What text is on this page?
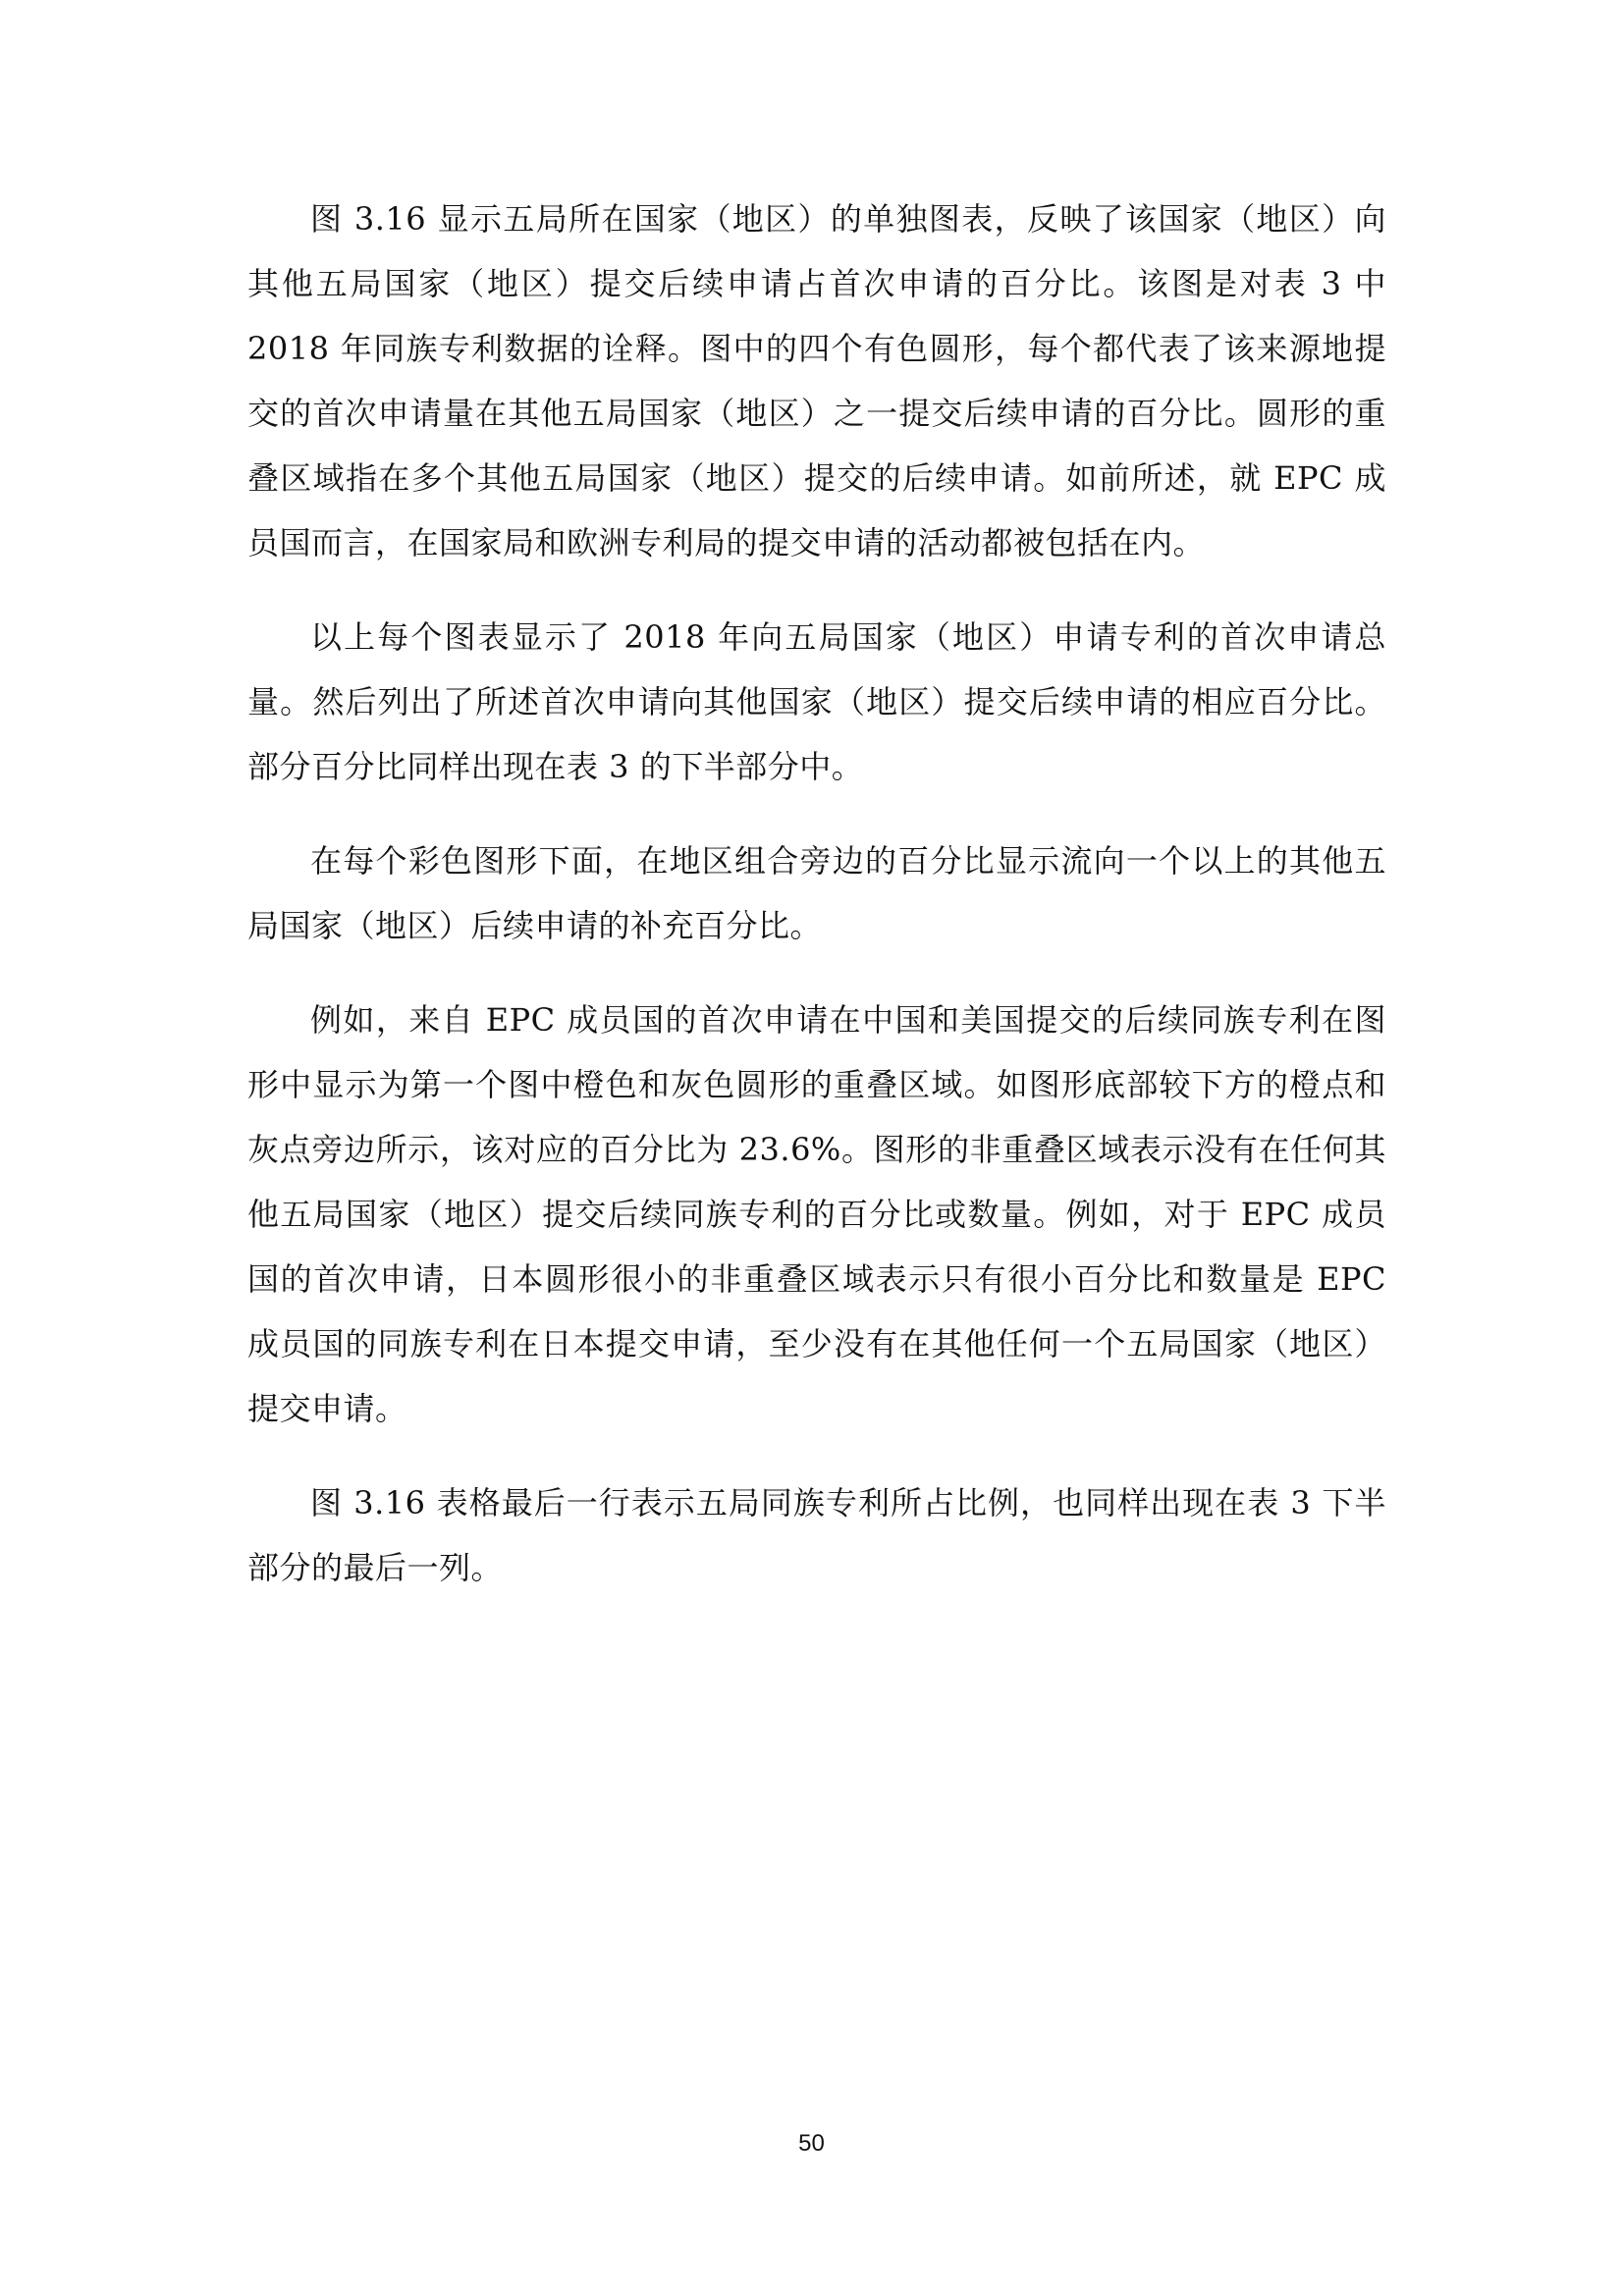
图 3.16 显示五局所在国家（地区）的单独图表，反映了该国家（地区）向其他五局国家（地区）提交后续申请占首次申请的百分比。该图是对表 3 中 2018 年同族专利数据的诠释。图中的四个有色圆形，每个都代表了该来源地提交的首次申请量在其他五局国家（地区）之一提交后续申请的百分比。圆形的重叠区域指在多个其他五局国家（地区）提交的后续申请。如前所述，就 EPC 成员国而言，在国家局和欧洲专利局的提交申请的活动都被包括在内。

以上每个图表显示了 2018 年向五局国家（地区）申请专利的首次申请总量。然后列出了所述首次申请向其他国家（地区）提交后续申请的相应百分比。部分百分比同样出现在表 3 的下半部分中。

在每个彩色图形下面，在地区组合旁边的百分比显示流向一个以上的其他五局国家（地区）后续申请的补充百分比。

例如，来自 EPC 成员国的首次申请在中国和美国提交的后续同族专利在图形中显示为第一个图中橙色和灰色圆形的重叠区域。如图形底部较下方的橙点和灰点旁边所示，该对应的百分比为 23.6%。图形的非重叠区域表示没有在任何其他五局国家（地区）提交后续同族专利的百分比或数量。例如，对于 EPC 成员国的首次申请，日本圆形很小的非重叠区域表示只有很小百分比和数量是 EPC 成员国的同族专利在日本提交申请，至少没有在其他任何一个五局国家（地区）提交申请。

图 3.16 表格最后一行表示五局同族专利所占比例，也同样出现在表 3 下半部分的最后一列。

50
